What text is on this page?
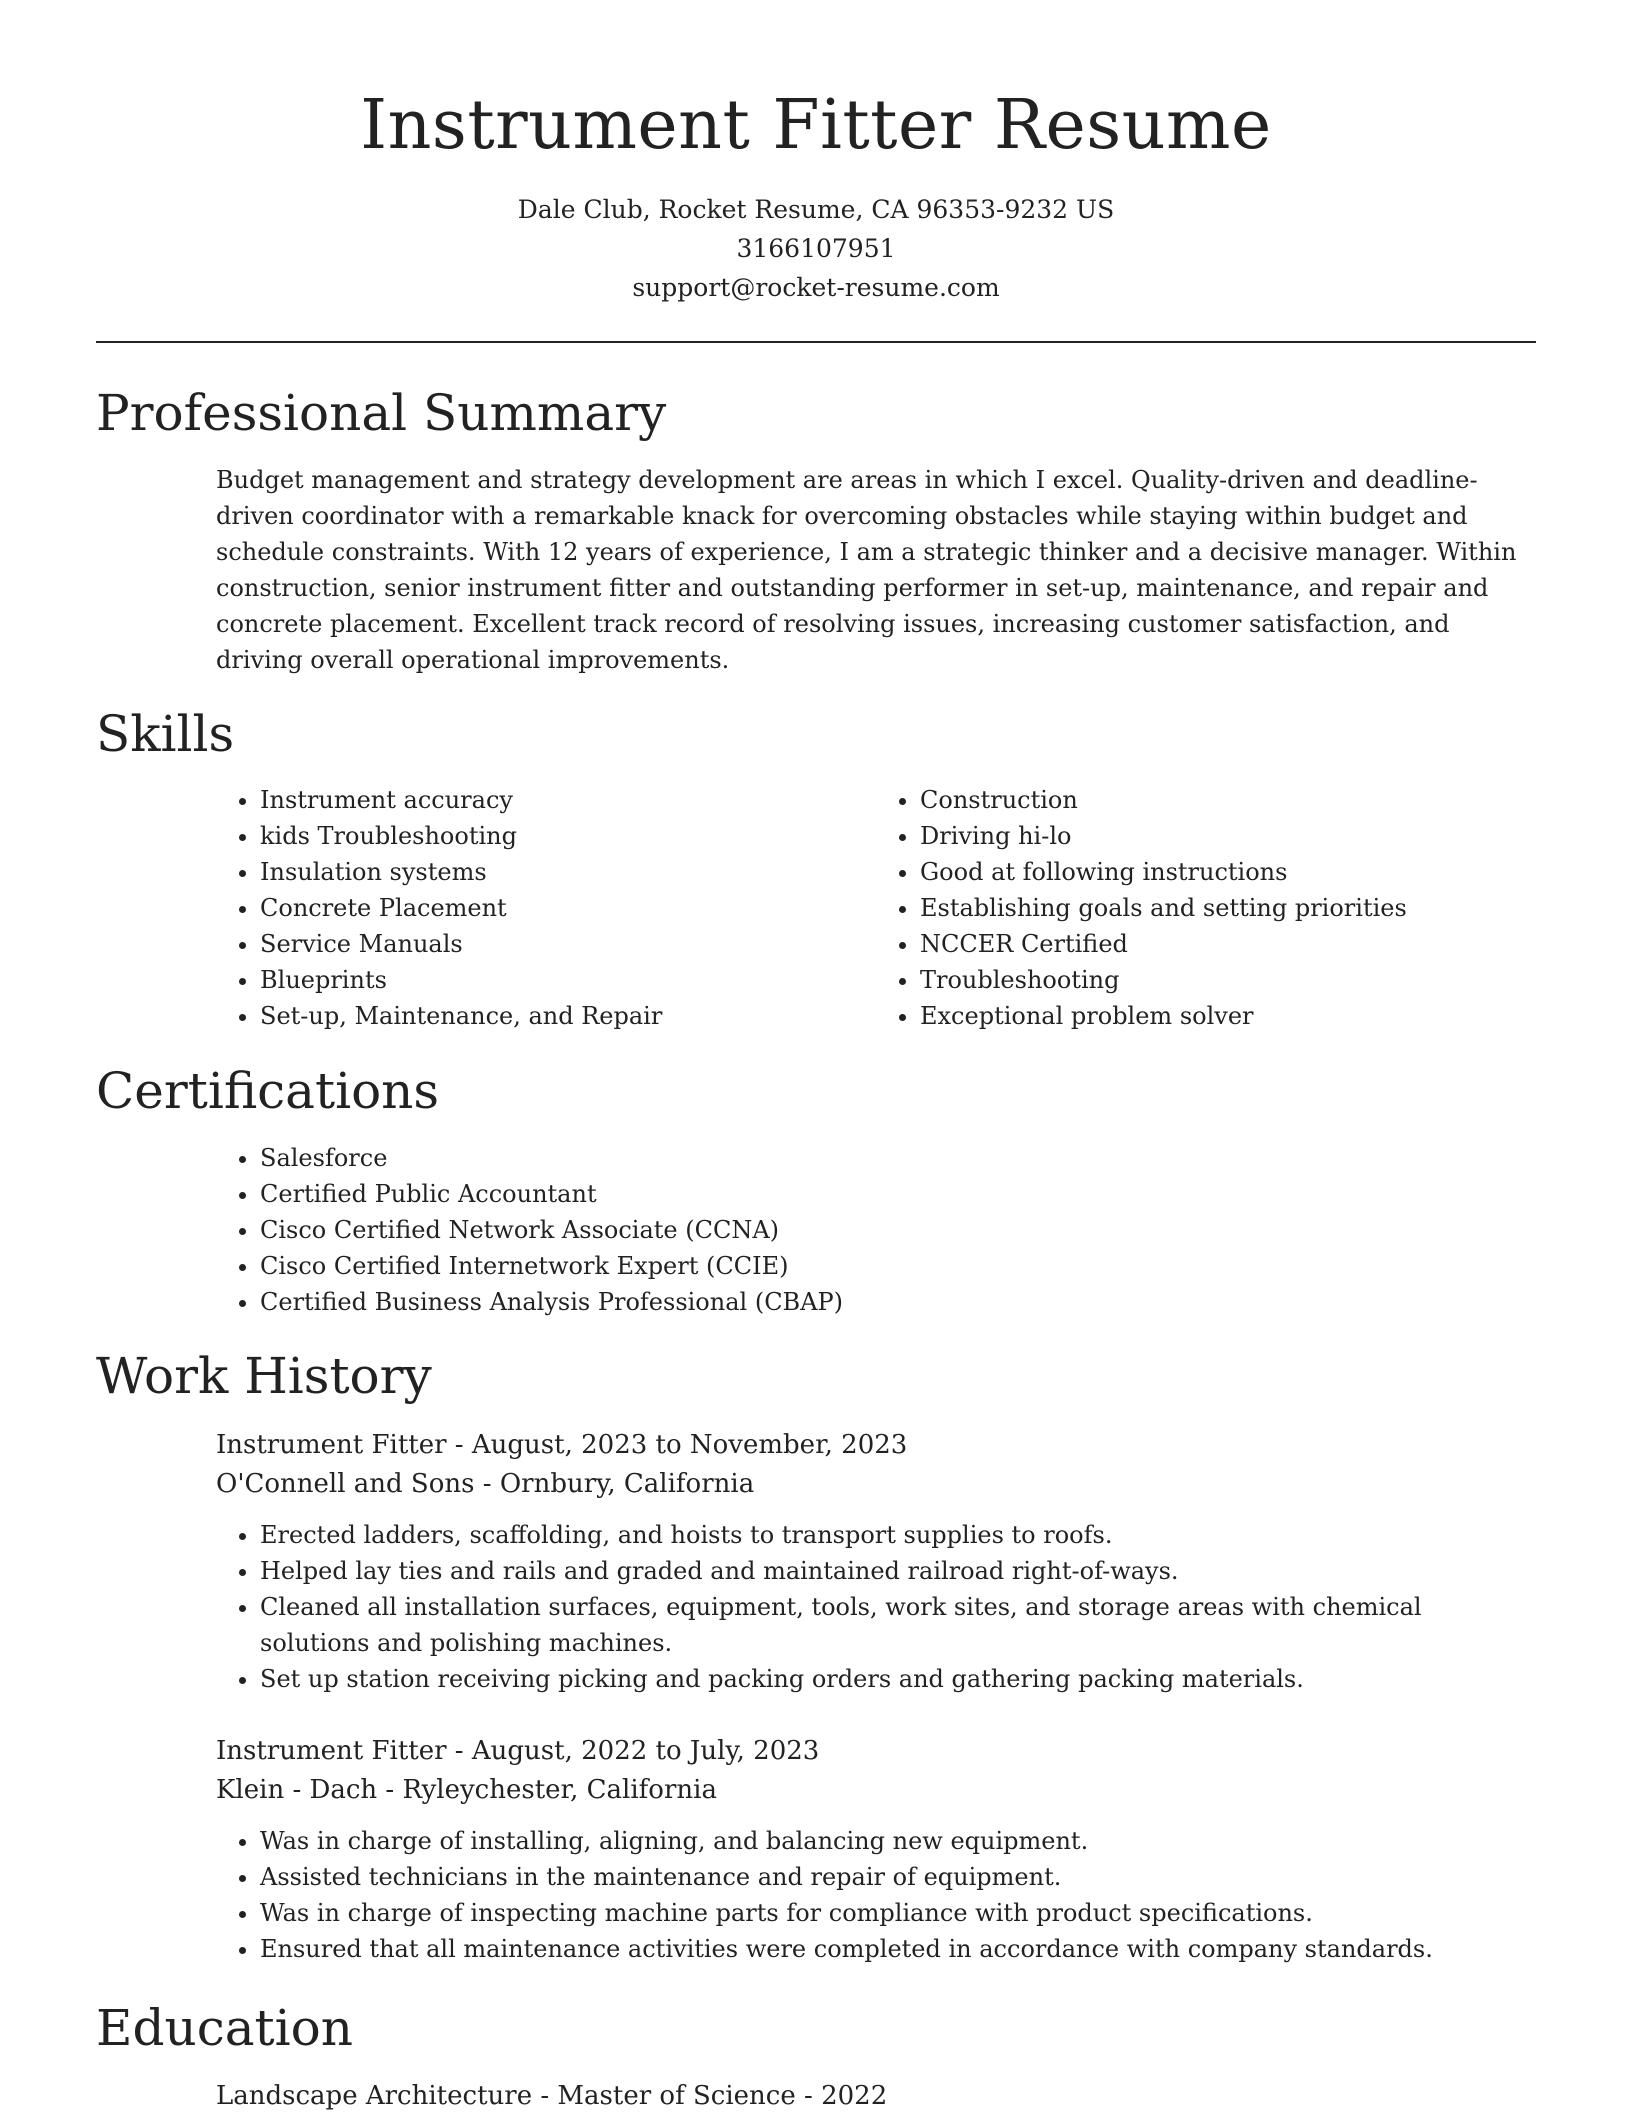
Instrument Fitter Resume
Dale Club, Rocket Resume, CA 96353-9232 US
3166107951
support@rocket-resume.com
Professional Summary

Budget management and strategy development are areas in which I excel. Quality-driven and deadline-driven coordinator with a remarkable knack for overcoming obstacles while staying within budget and schedule constraints. With 12 years of experience, I am a strategic thinker and a decisive manager. Within construction, senior instrument fitter and outstanding performer in set-up, maintenance, and repair and concrete placement. Excellent track record of resolving issues, increasing customer satisfaction, and driving overall operational improvements.

Skills
• Instrument accuracy
• kids Troubleshooting
• Insulation systems
• Concrete Placement
• Service Manuals
• Blueprints
• Set-up, Maintenance, and Repair
• Construction
• Driving hi-lo
• Good at following instructions
• Establishing goals and setting priorities
• NCCER Certified
• Troubleshooting
• Exceptional problem solver
Certifications
• Salesforce
• Certified Public Accountant
• Cisco Certified Network Associate (CCNA)
• Cisco Certified Internetwork Expert (CCIE)
• Certified Business Analysis Professional (CBAP)
Work History
Instrument Fitter - August, 2023 to November, 2023
O'Connell and Sons - Ornbury, California
• Erected ladders, scaffolding, and hoists to transport supplies to roofs.
• Helped lay ties and rails and graded and maintained railroad right-of-ways.
• Cleaned all installation surfaces, equipment, tools, work sites, and storage areas with chemical solutions and polishing machines.
• Set up station receiving picking and packing orders and gathering packing materials.
Instrument Fitter - August, 2022 to July, 2023
Klein - Dach - Ryleychester, California
• Was in charge of installing, aligning, and balancing new equipment.
• Assisted technicians in the maintenance and repair of equipment.
• Was in charge of inspecting machine parts for compliance with product specifications.
• Ensured that all maintenance activities were completed in accordance with company standards.
Education
Landscape Architecture - Master of Science - 2022
